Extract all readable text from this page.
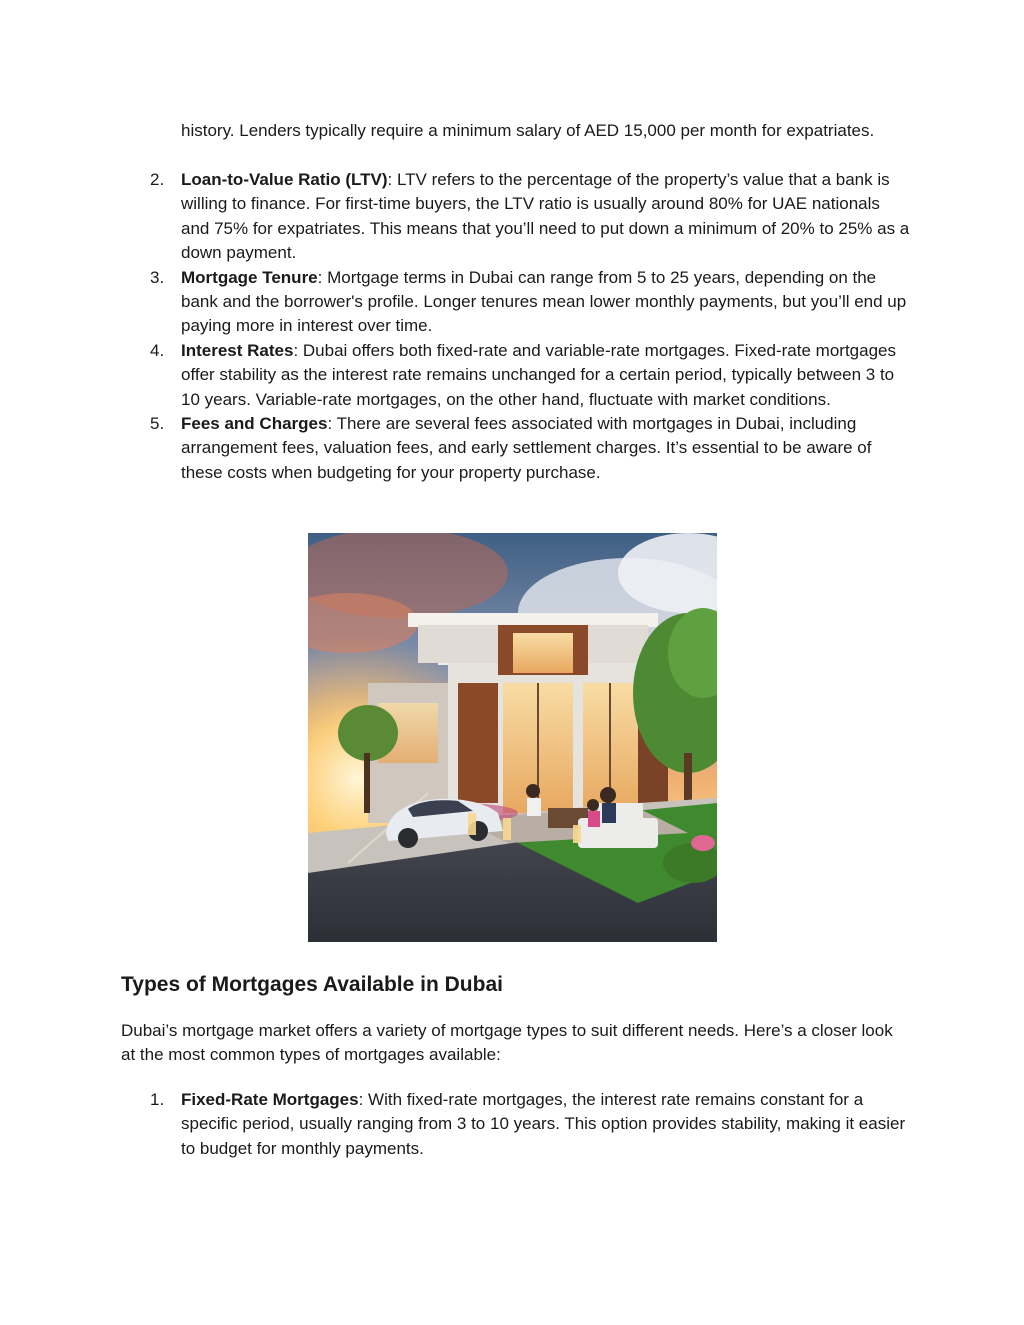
history. Lenders typically require a minimum salary of AED 15,000 per month for expatriates.
2. Loan-to-Value Ratio (LTV): LTV refers to the percentage of the property’s value that a bank is willing to finance. For first-time buyers, the LTV ratio is usually around 80% for UAE nationals and 75% for expatriates. This means that you’ll need to put down a minimum of 20% to 25% as a down payment.
3. Mortgage Tenure: Mortgage terms in Dubai can range from 5 to 25 years, depending on the bank and the borrower's profile. Longer tenures mean lower monthly payments, but you’ll end up paying more in interest over time.
4. Interest Rates: Dubai offers both fixed-rate and variable-rate mortgages. Fixed-rate mortgages offer stability as the interest rate remains unchanged for a certain period, typically between 3 to 10 years. Variable-rate mortgages, on the other hand, fluctuate with market conditions.
5. Fees and Charges: There are several fees associated with mortgages in Dubai, including arrangement fees, valuation fees, and early settlement charges. It’s essential to be aware of these costs when budgeting for your property purchase.
Types of Mortgages Available in Dubai

Dubai’s mortgage market offers a variety of mortgage types to suit different needs. Here’s a closer look at the most common types of mortgages available:

1. Fixed-Rate Mortgages: With fixed-rate mortgages, the interest rate remains constant for a specific period, usually ranging from 3 to 10 years. This option provides stability, making it easier to budget for monthly payments.
